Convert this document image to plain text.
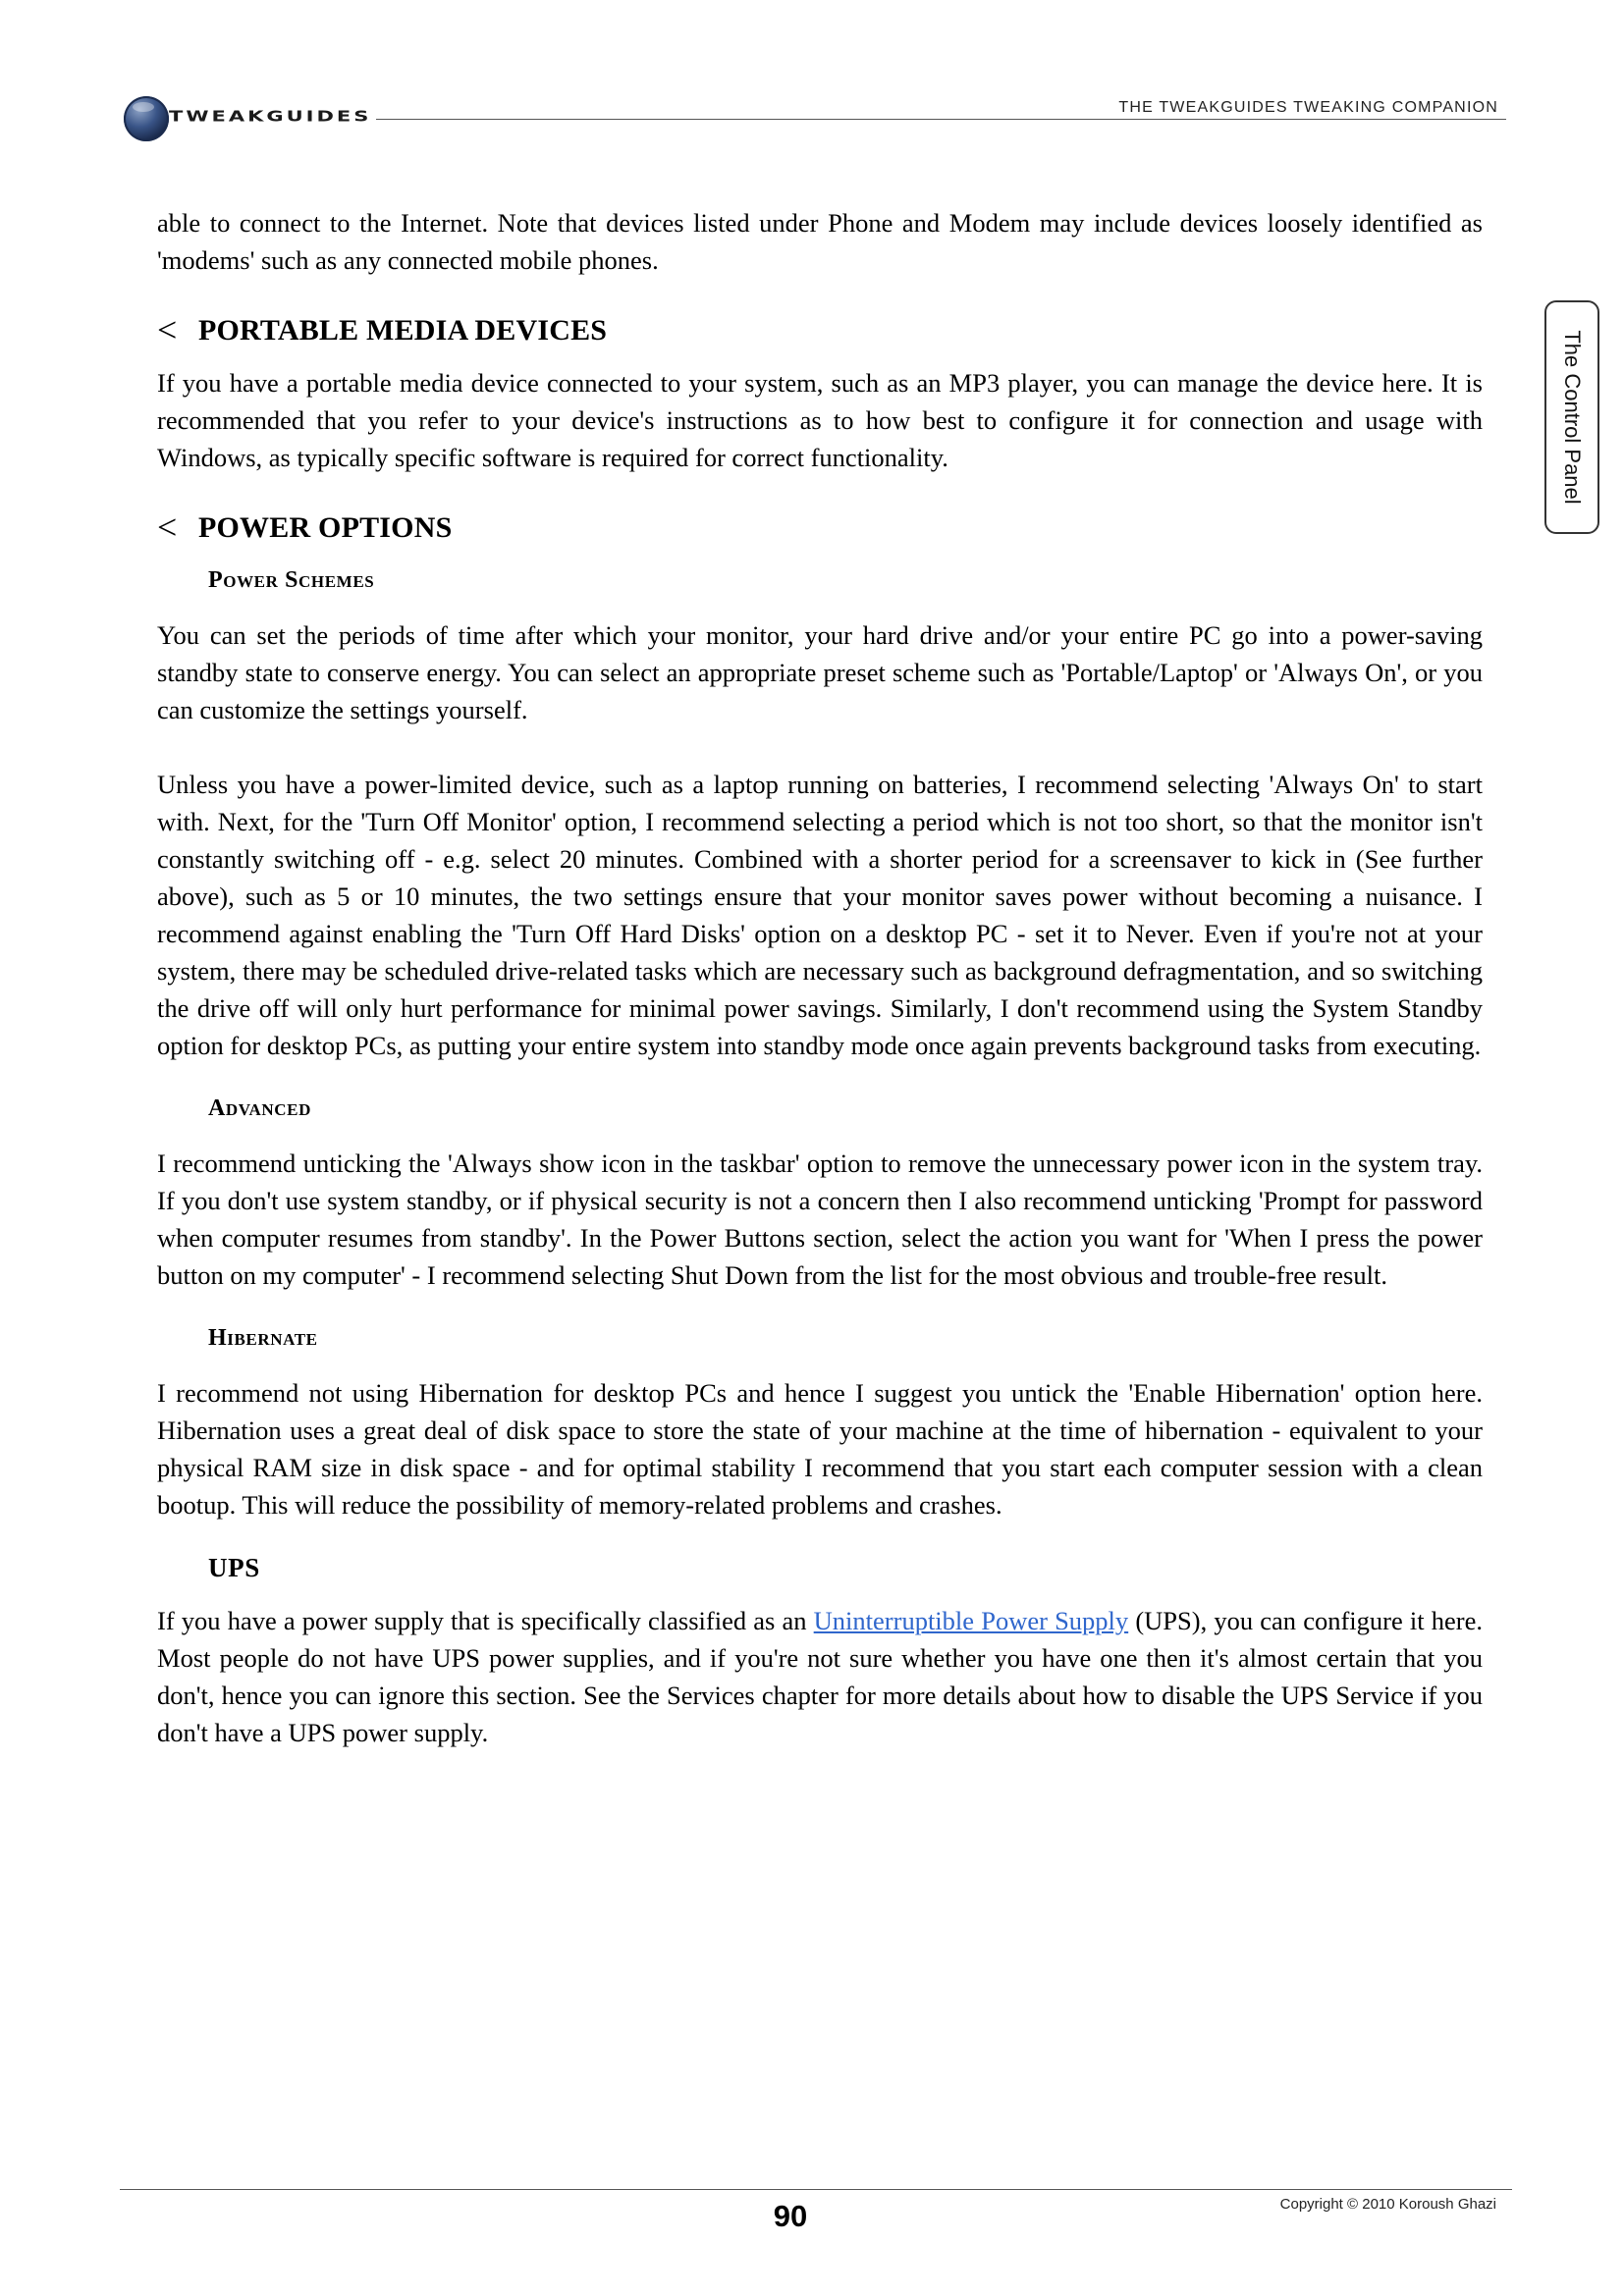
TWEAKGUIDES
THE TWEAKGUIDES TWEAKING COMPANION
The Control Panel

able to connect to the Internet. Note that devices listed under Phone and Modem may include devices loosely identified as 'modems' such as any connected mobile phones.

< PORTABLE MEDIA DEVICES

If you have a portable media device connected to your system, such as an MP3 player, you can manage the device here. It is recommended that you refer to your device's instructions as to how best to configure it for connection and usage with Windows, as typically specific software is required for correct functionality.

< POWER OPTIONS
Power Schemes

You can set the periods of time after which your monitor, your hard drive and/or your entire PC go into a power-saving standby state to conserve energy. You can select an appropriate preset scheme such as 'Portable/Laptop' or 'Always On', or you can customize the settings yourself.

Unless you have a power-limited device, such as a laptop running on batteries, I recommend selecting 'Always On' to start with. Next, for the 'Turn Off Monitor' option, I recommend selecting a period which is not too short, so that the monitor isn't constantly switching off - e.g. select 20 minutes. Combined with a shorter period for a screensaver to kick in (See further above), such as 5 or 10 minutes, the two settings ensure that your monitor saves power without becoming a nuisance. I recommend against enabling the 'Turn Off Hard Disks' option on a desktop PC - set it to Never. Even if you're not at your system, there may be scheduled drive-related tasks which are necessary such as background defragmentation, and so switching the drive off will only hurt performance for minimal power savings. Similarly, I don't recommend using the System Standby option for desktop PCs, as putting your entire system into standby mode once again prevents background tasks from executing.

Advanced

I recommend unticking the 'Always show icon in the taskbar' option to remove the unnecessary power icon in the system tray. If you don't use system standby, or if physical security is not a concern then I also recommend unticking 'Prompt for password when computer resumes from standby'. In the Power Buttons section, select the action you want for 'When I press the power button on my computer' - I recommend selecting Shut Down from the list for the most obvious and trouble-free result.

Hibernate

I recommend not using Hibernation for desktop PCs and hence I suggest you untick the 'Enable Hibernation' option here. Hibernation uses a great deal of disk space to store the state of your machine at the time of hibernation - equivalent to your physical RAM size in disk space - and for optimal stability I recommend that you start each computer session with a clean bootup. This will reduce the possibility of memory-related problems and crashes.

UPS

If you have a power supply that is specifically classified as an Uninterruptible Power Supply (UPS), you can configure it here. Most people do not have UPS power supplies, and if you're not sure whether you have one then it's almost certain that you don't, hence you can ignore this section. See the Services chapter for more details about how to disable the UPS Service if you don't have a UPS power supply.

Copyright © 2010 Koroush Ghazi
90
